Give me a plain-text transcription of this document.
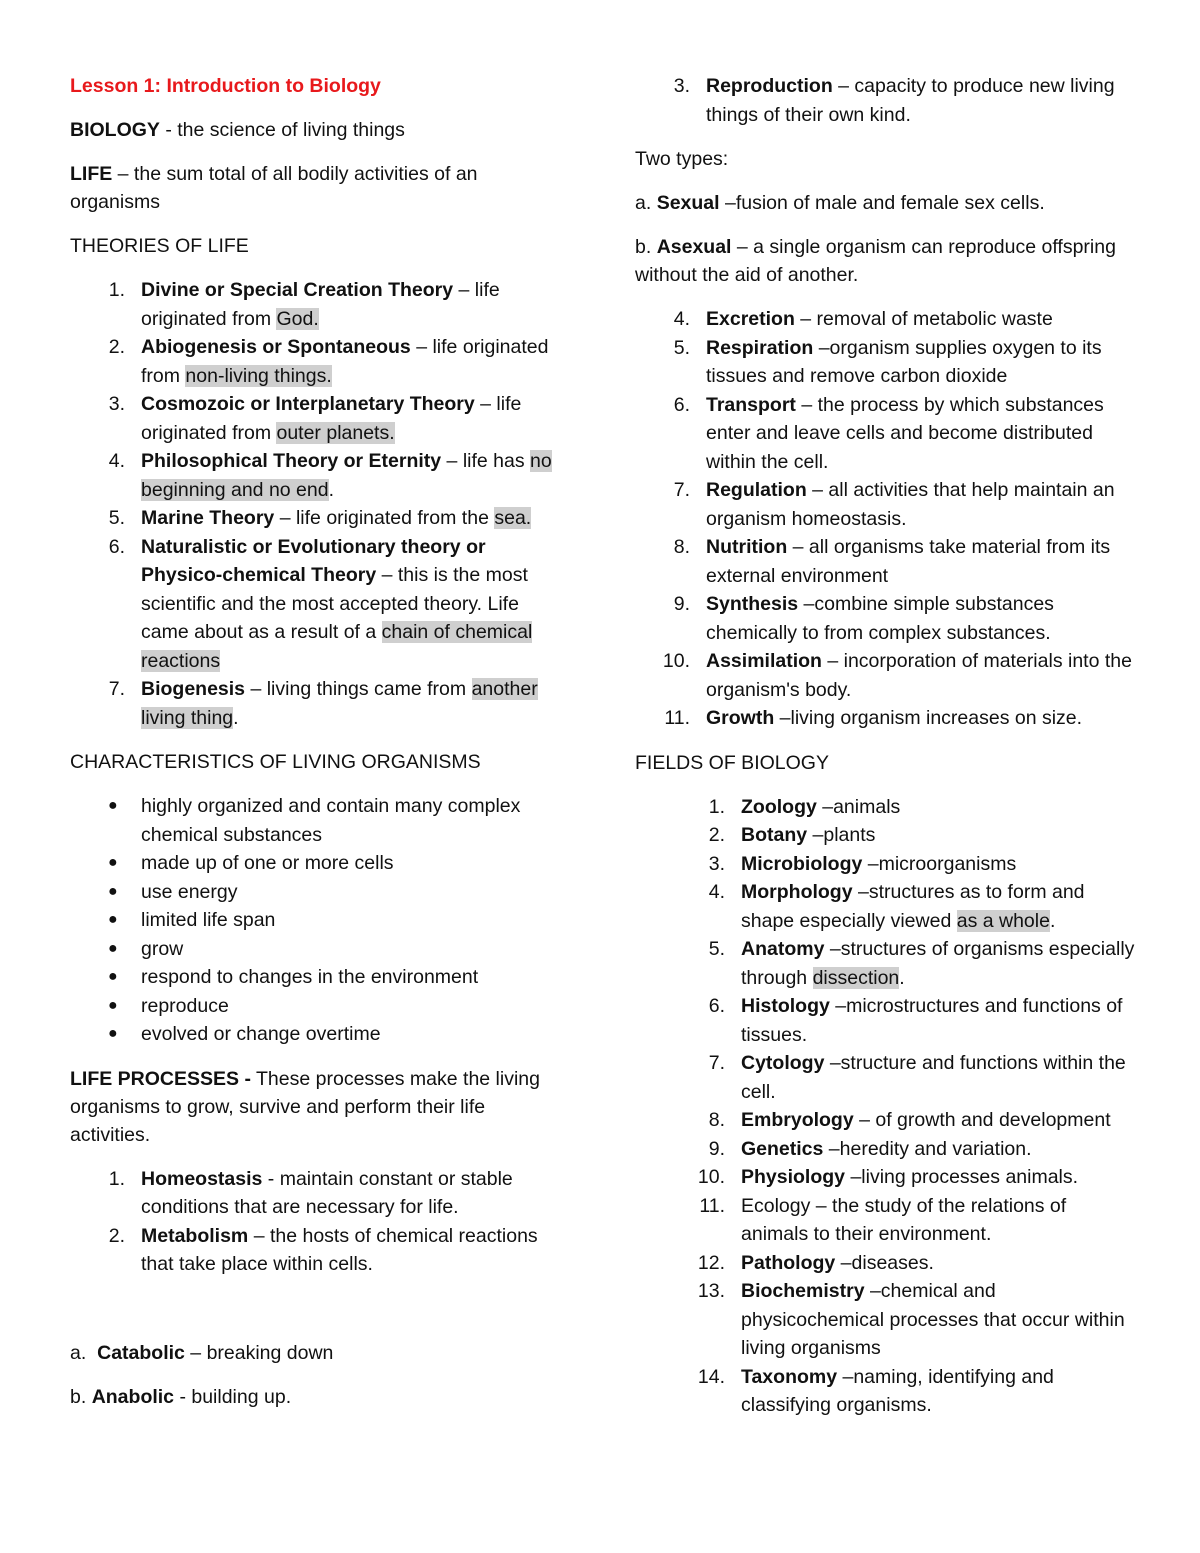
Lesson 1: Introduction to Biology

BIOLOGY - the science of living things

LIFE – the sum total of all bodily activities of an organisms

THEORIES OF LIFE

1. Divine or Special Creation Theory – life originated from God.
2. Abiogenesis or Spontaneous – life originated from non-living things.
3. Cosmozoic or Interplanetary Theory – life originated from outer planets.
4. Philosophical Theory or Eternity – life has no beginning and no end.
5. Marine Theory – life originated from the sea.
6. Naturalistic or Evolutionary theory or Physico-chemical Theory – this is the most scientific and the most accepted theory. Life came about as a result of a chain of chemical reactions
7. Biogenesis – living things came from another living thing.

CHARACTERISTICS OF LIVING ORGANISMS

● highly organized and contain many complex chemical substances
● made up of one or more cells
● use energy
● limited life span
● grow
● respond to changes in the environment
● reproduce
● evolved or change overtime

LIFE PROCESSES - These processes make the living organisms to grow, survive and perform their life activities.

1. Homeostasis - maintain constant or stable conditions that are necessary for life.
2. Metabolism – the hosts of chemical reactions that take place within cells.

a. Catabolic – breaking down

b. Anabolic - building up.

3. Reproduction – capacity to produce new living things of their own kind.

Two types:

a. Sexual –fusion of male and female sex cells.

b. Asexual – a single organism can reproduce offspring without the aid of another.

4. Excretion – removal of metabolic waste
5. Respiration –organism supplies oxygen to its tissues and remove carbon dioxide
6. Transport – the process by which substances enter and leave cells and become distributed within the cell.
7. Regulation – all activities that help maintain an organism homeostasis.
8. Nutrition – all organisms take material from its external environment
9. Synthesis –combine simple substances chemically to from complex substances.
10. Assimilation – incorporation of materials into the organism's body.
11. Growth –living organism increases on size.

FIELDS OF BIOLOGY

1. Zoology –animals
2. Botany –plants
3. Microbiology –microorganisms
4. Morphology –structures as to form and shape especially viewed as a whole.
5. Anatomy –structures of organisms especially through dissection.
6. Histology –microstructures and functions of tissues.
7. Cytology –structure and functions within the cell.
8. Embryology – of growth and development
9. Genetics –heredity and variation.
10. Physiology –living processes animals.
11. Ecology – the study of the relations of animals to their environment.
12. Pathology –diseases.
13. Biochemistry –chemical and physicochemical processes that occur within living organisms
14. Taxonomy –naming, identifying and classifying organisms.
